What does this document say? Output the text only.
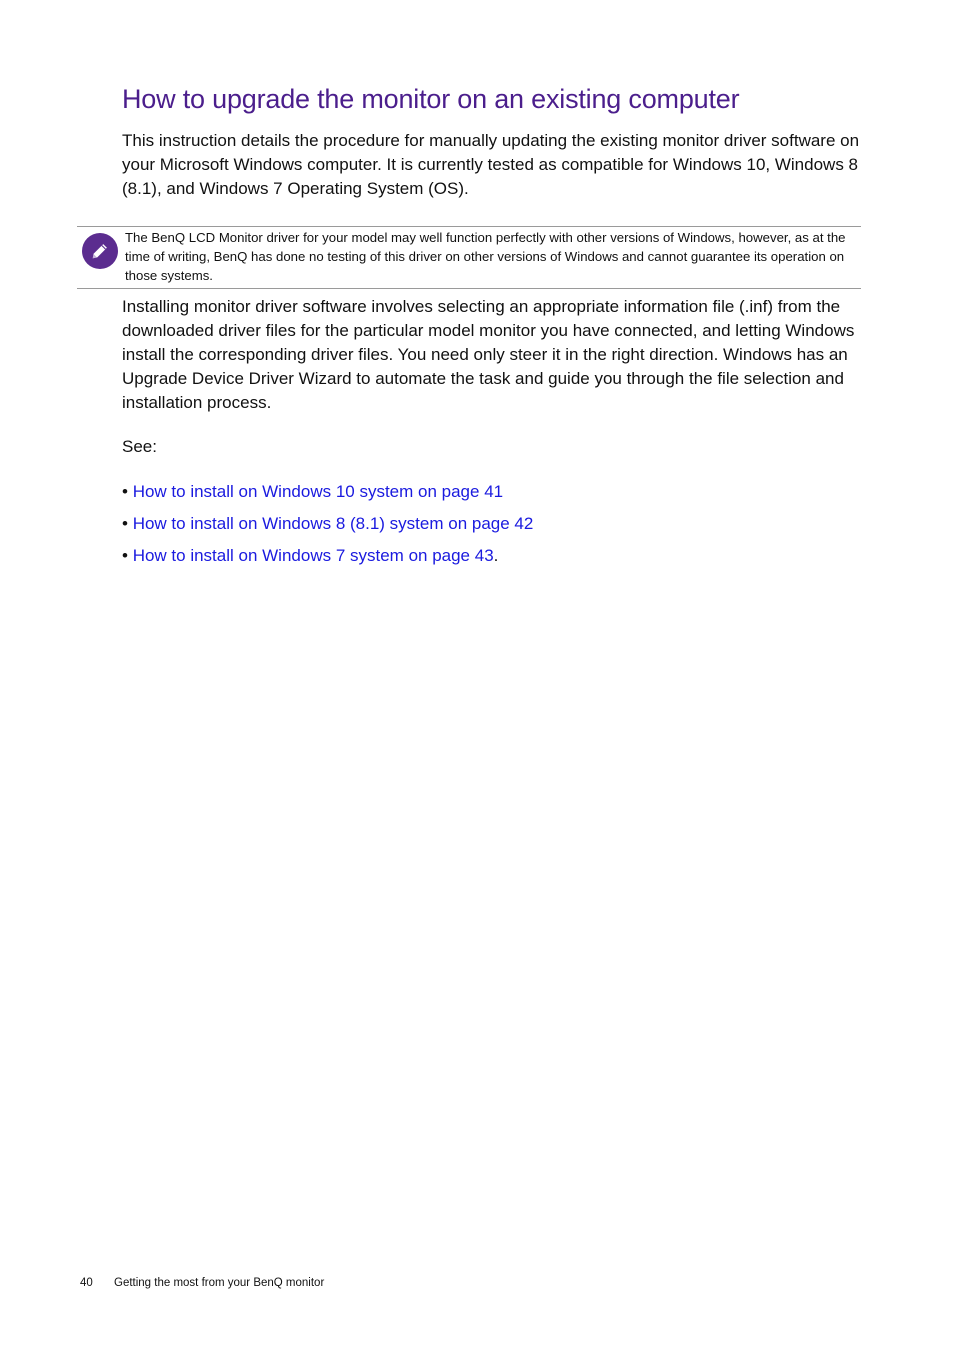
How to upgrade the monitor on an existing computer

This instruction details the procedure for manually updating the existing monitor driver software on your Microsoft Windows computer. It is currently tested as compatible for Windows 10, Windows 8 (8.1), and Windows 7 Operating System (OS).

The BenQ LCD Monitor driver for your model may well function perfectly with other versions of Windows, however, as at the time of writing, BenQ has done no testing of this driver on other versions of Windows and cannot guarantee its operation on those systems.

Installing monitor driver software involves selecting an appropriate information file (.inf) from the downloaded driver files for the particular model monitor you have connected, and letting Windows install the corresponding driver files. You need only steer it in the right direction. Windows has an Upgrade Device Driver Wizard to automate the task and guide you through the file selection and installation process.

See:

• How to install on Windows 10 system on page 41
• How to install on Windows 8 (8.1) system on page 42
• How to install on Windows 7 system on page 43.
40 Getting the most from your BenQ monitor
